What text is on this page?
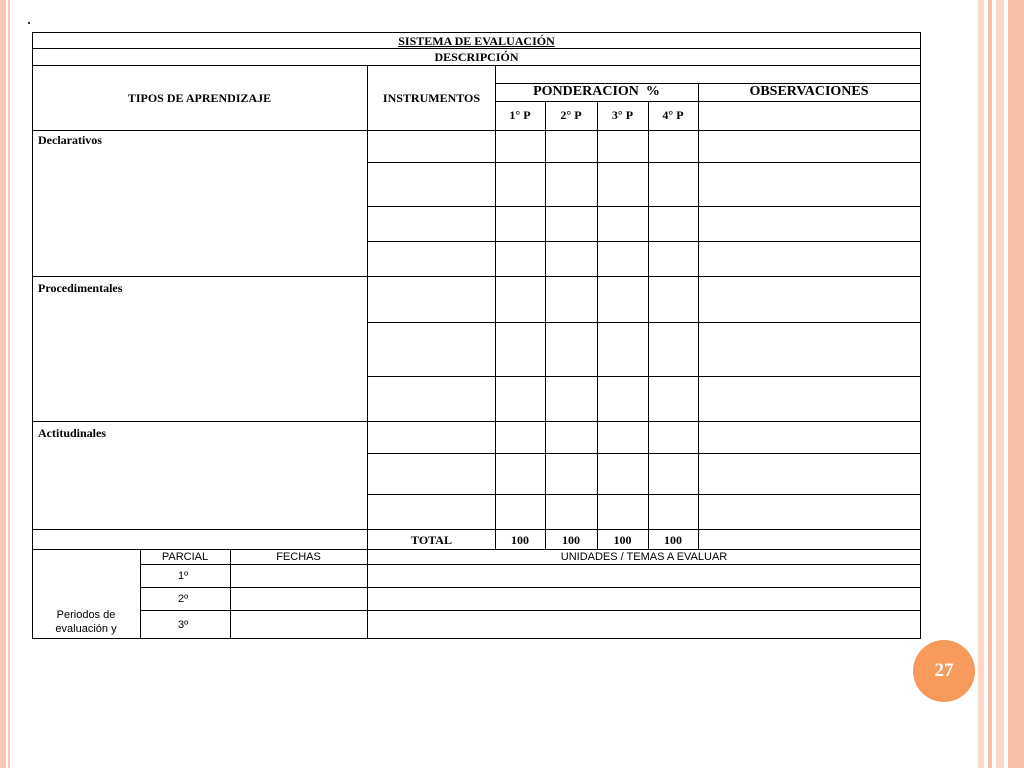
SISTEMA DE EVALUACIÓN
DESCRIPCIÓN
TIPOS DE APRENDIZAJE	INSTRUMENTOS	PONDERACION  %	OBSERVACIONES
1° P	2° P	3° P	4° P
Declarativos
Procedimentales
Actitudinales
TOTAL	100	100	100	100
PARCIAL	FECHAS	UNIDADES / TEMAS A EVALUAR
1º
2º
3º
Periodos de
evaluación y
27
